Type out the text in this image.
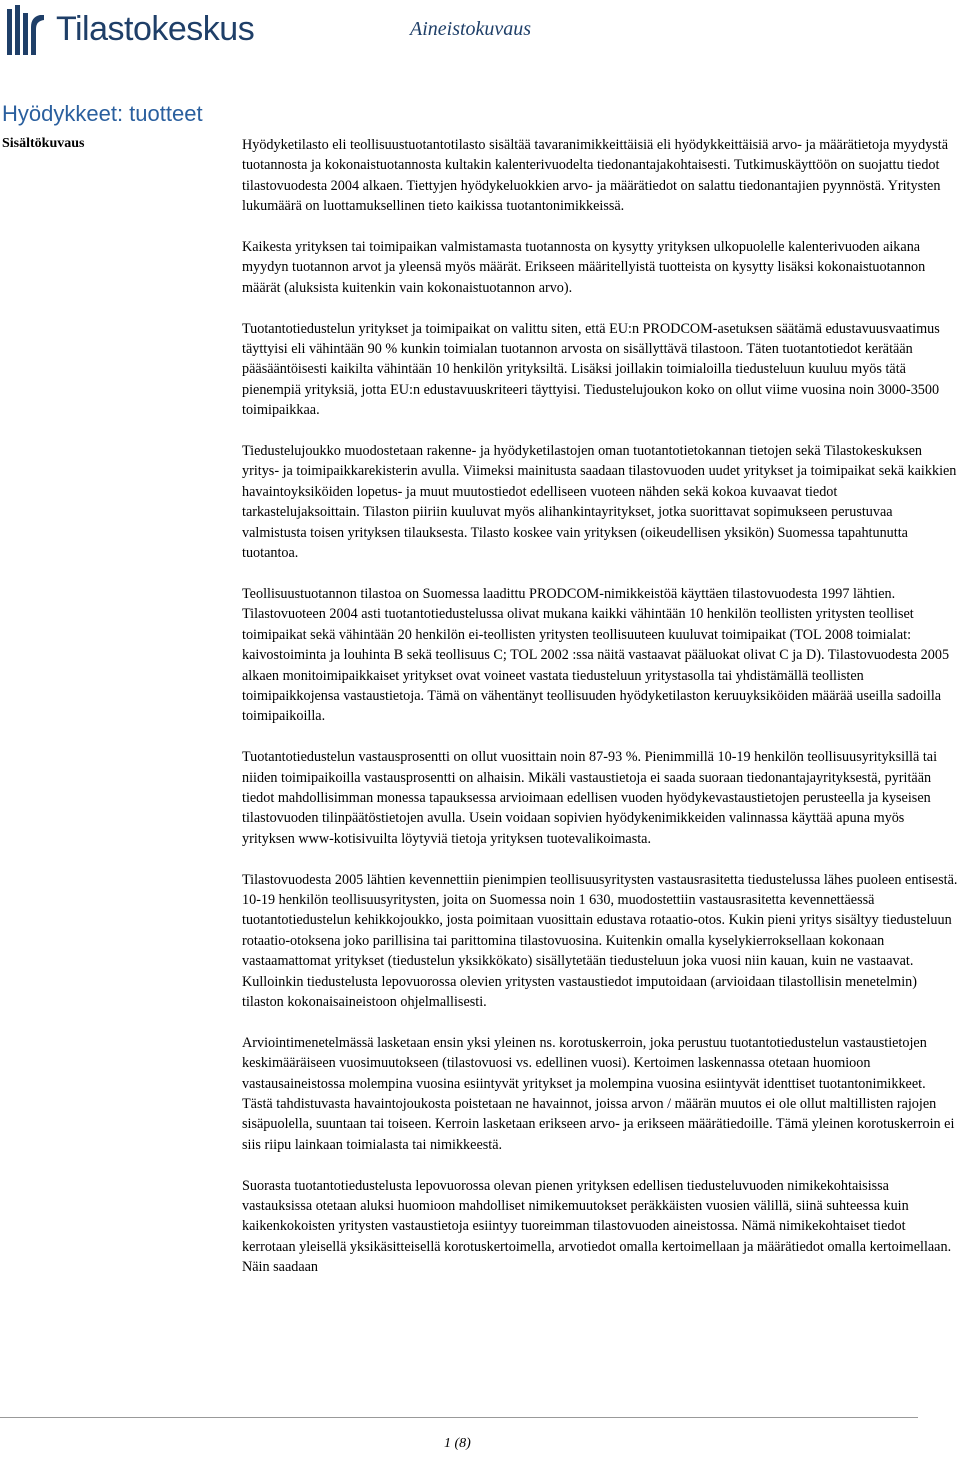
Tilastokeskus	Aineistokuvaus
Hyödykkeet: tuotteet
Sisältökuvaus	Hyödyketilasto eli teollisuustuotantotilasto sisältää tavaranimikkeittäisiä eli hyödykkeittäisiä arvo- ja määrätietoja myydystä tuotannosta ja kokonaistuotannosta kultakin kalenterivuodelta tiedonantajakohtaisesti. Tutkimuskäyttöön on suojattu tiedot tilastovuodesta 2004 alkaen. Tiettyjen hyödykeluokkien arvo- ja määrätiedot on salattu tiedonantajien pyynnöstä. Yritysten lukumäärä on luottamuksellinen tieto kaikissa tuotantonimikkeissä.

Kaikesta yrityksen tai toimipaikan valmistamasta tuotannosta on kysytty yrityksen ulkopuolelle kalenterivuoden aikana myydyn tuotannon arvot ja yleensä myös määrät. Erikseen määritellyistä tuotteista on kysytty lisäksi kokonaistuotannon määrät (aluksista kuitenkin vain kokonaistuotannon arvo).

Tuotantotiedustelun yritykset ja toimipaikat on valittu siten, että EU:n PRODCOM-asetuksen säätämä edustavuusvaatimus täyttyisi eli vähintään 90 % kunkin toimialan tuotannon arvosta on sisällyttävä tilastoon. Täten tuotantotiedot kerätään pääsääntöisesti kaikilta vähintään 10 henkilön yrityksiltä. Lisäksi joillakin toimialoilla tiedusteluun kuuluu myös tätä pienempiä yrityksiä, jotta EU:n edustavuuskriteeri täyttyisi. Tiedustelujoukon koko on ollut viime vuosina noin 3000-3500 toimipaikkaa.

Tiedustelujoukko muodostetaan rakenne- ja hyödyketilastojen oman tuotantotietokannan tietojen sekä Tilastokeskuksen yritys- ja toimipaikkarekisterin avulla. Viimeksi mainitusta saadaan tilastovuoden uudet yritykset ja toimipaikat sekä kaikkien havaintoyksiköiden lopetus- ja muut muutostiedot edelliseen vuoteen nähden sekä kokoa kuvaavat tiedot tarkastelujaksoittain. Tilaston piiriin kuuluvat myös alihankintayritykset, jotka suorittavat sopimukseen perustuvaa valmistusta toisen yrityksen tilauksesta. Tilasto koskee vain yrityksen (oikeudellisen yksikön) Suomessa tapahtunutta tuotantoa.

Teollisuustuotannon tilastoa on Suomessa laadittu PRODCOM-nimikkeistöä käyttäen tilastovuodesta 1997 lähtien. Tilastovuoteen 2004 asti tuotantotiedustelussa olivat mukana kaikki vähintään 10 henkilön teollisten yritysten teolliset toimipaikat sekä vähintään 20 henkilön ei-teollisten yritysten teollisuuteen kuuluvat toimipaikat (TOL 2008 toimialat: kaivostoiminta ja louhinta B sekä teollisuus C; TOL 2002 :ssa näitä vastaavat pääluokat olivat C ja D). Tilastovuodesta 2005 alkaen monitoimipaikkaiset yritykset ovat voineet vastata tiedusteluun yritystasolla tai yhdistämällä teollisten toimipaikkojensa vastaustietoja. Tämä on vähentänyt teollisuuden hyödyketilaston keruuyksiköiden määrää useilla sadoilla toimipaikoilla.

Tuotantotiedustelun vastausprosentti on ollut vuosittain noin 87-93 %. Pienimmillä 10-19 henkilön teollisuusyrityksillä tai niiden toimipaikoilla vastausprosentti on alhaisin. Mikäli vastaustietoja ei saada suoraan tiedonantajayrityksestä, pyritään tiedot mahdollisimman monessa tapauksessa arvioimaan edellisen vuoden hyödykevastaustietojen perusteella ja kyseisen tilastovuoden tilinpäätöstietojen avulla. Usein voidaan sopivien hyödykenimikkeiden valinnassa käyttää apuna myös yrityksen www-kotisivuilta löytyviä tietoja yrityksen tuotevalikoimasta.

Tilastovuodesta 2005 lähtien kevennettiin pienimpien teollisuusyritysten vastausrasitetta tiedustelussa lähes puoleen entisestä. 10-19 henkilön teollisuusyritysten, joita on Suomessa noin 1 630, muodostettiin vastausrasitetta kevennettäessä tuotantotiedustelun kehikkojoukko, josta poimitaan vuosittain edustava rotaatio-otos. Kukin pieni yritys sisältyy tiedusteluun rotaatio-otoksena joko parillisina tai parittomina tilastovuosina. Kuitenkin omalla kyselykierroksellaan kokonaan vastaamattomat yritykset (tiedustelun yksikkökato) sisällytetään tiedusteluun joka vuosi niin kauan, kuin ne vastaavat. Kulloinkin tiedustelusta lepovuorossa olevien yritysten vastaustiedot imputoidaan (arvioidaan tilastollisin menetelmin) tilaston kokonaisaineistoon ohjelmallisesti.

Arviointimenetelmässä lasketaan ensin yksi yleinen ns. korotuskerroin, joka perustuu tuotantotiedustelun vastaustietojen keskimääräiseen vuosimuutokseen (tilastovuosi vs. edellinen vuosi). Kertoimen laskennassa otetaan huomioon vastausaineistossa molempina vuosina esiintyvät yritykset ja molempina vuosina esiintyvät identtiset tuotantonimikkeet. Tästä tahdistuvasta havaintojoukosta poistetaan ne havainnot, joissa arvon / määrän muutos ei ole ollut maltillisten rajojen sisäpuolella, suuntaan tai toiseen. Kerroin lasketaan erikseen arvo- ja erikseen määrätiedoille. Tämä yleinen korotuskerroin ei siis riipu lainkaan toimialasta tai nimikkeestä.

Suorasta tuotantotiedustelusta lepovuorossa olevan pienen yrityksen edellisen tiedusteluvuoden nimikekohtaisissa vastauksissa otetaan aluksi huomioon mahdolliset nimikemuutokset peräkkäisten vuosien välillä, siinä suhteessa kuin kaikenkokoisten yritysten vastaustietoja esiintyy tuoreimman tilastovuoden aineistossa. Nämä nimikekohtaiset tiedot kerrotaan yleisellä yksikäsitteisellä korotuskertoimella, arvotiedot omalla kertoimellaan ja määrätiedot omalla kertoimellaan. Näin saadaan

1 (8)
